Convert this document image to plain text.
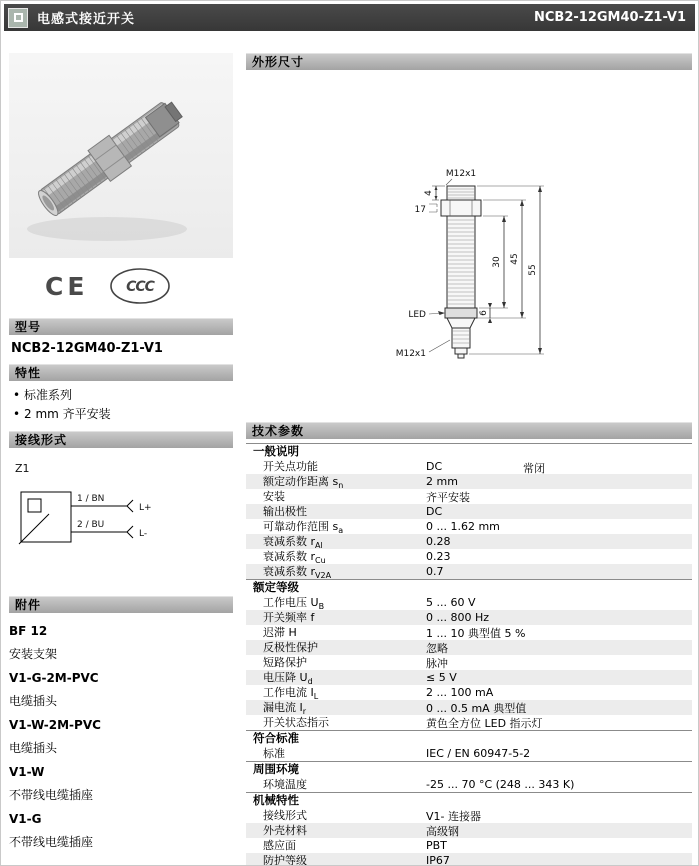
电感式接近开关	NCB2-12GM40-Z1-V1
CE	CCC
型号
NCB2-12GM40-Z1-V1
特性
• 标准系列
• 2 mm 齐平安装
接线形式
Z1
1 / BN
L+
2 / BU
L-
附件
BF 12
安装支架
V1-G-2M-PVC
电缆插头
V1-W-2M-PVC
电缆插头
V1-W
不带线电缆插座
V1-G
不带线电缆插座
外形尺寸
M12x1
4
17
LED
M12x1
30 45
55
6
技术参数
一般说明
开关点功能	DC	常闭
额定动作距离 $s_n$	2 mm
安装	齐平安装
输出极性	DC
可靠动作范围 $s_a$	0 ... 1.62 mm
衰减系数 $r_{Al}$	0.28
衰减系数 $r_{Cu}$	0.23
衰减系数 $r_{V2A}$	0.7
额定等级
工作电压 $U_B$	5 ... 60 V
开关频率 f	0 ... 800 Hz
迟滞 H	1 ... 10 典型值 5 %
反极性保护	忽略
短路保护	脉冲
电压降 $U_d$	≤ 5 V
工作电流 $I_L$	2 ... 100 mA
漏电流 $I_r$	0 ... 0.5 mA 典型值
开关状态指示	黄色全方位 LED 指示灯
符合标准
标准	IEC / EN 60947-5-2
周围环境
环境温度	-25 ... 70 °C (248 ... 343 K)
机械特性
接线形式	V1- 连接器
外壳材料	高级钢
感应面	PBT
防护等级	IP67
